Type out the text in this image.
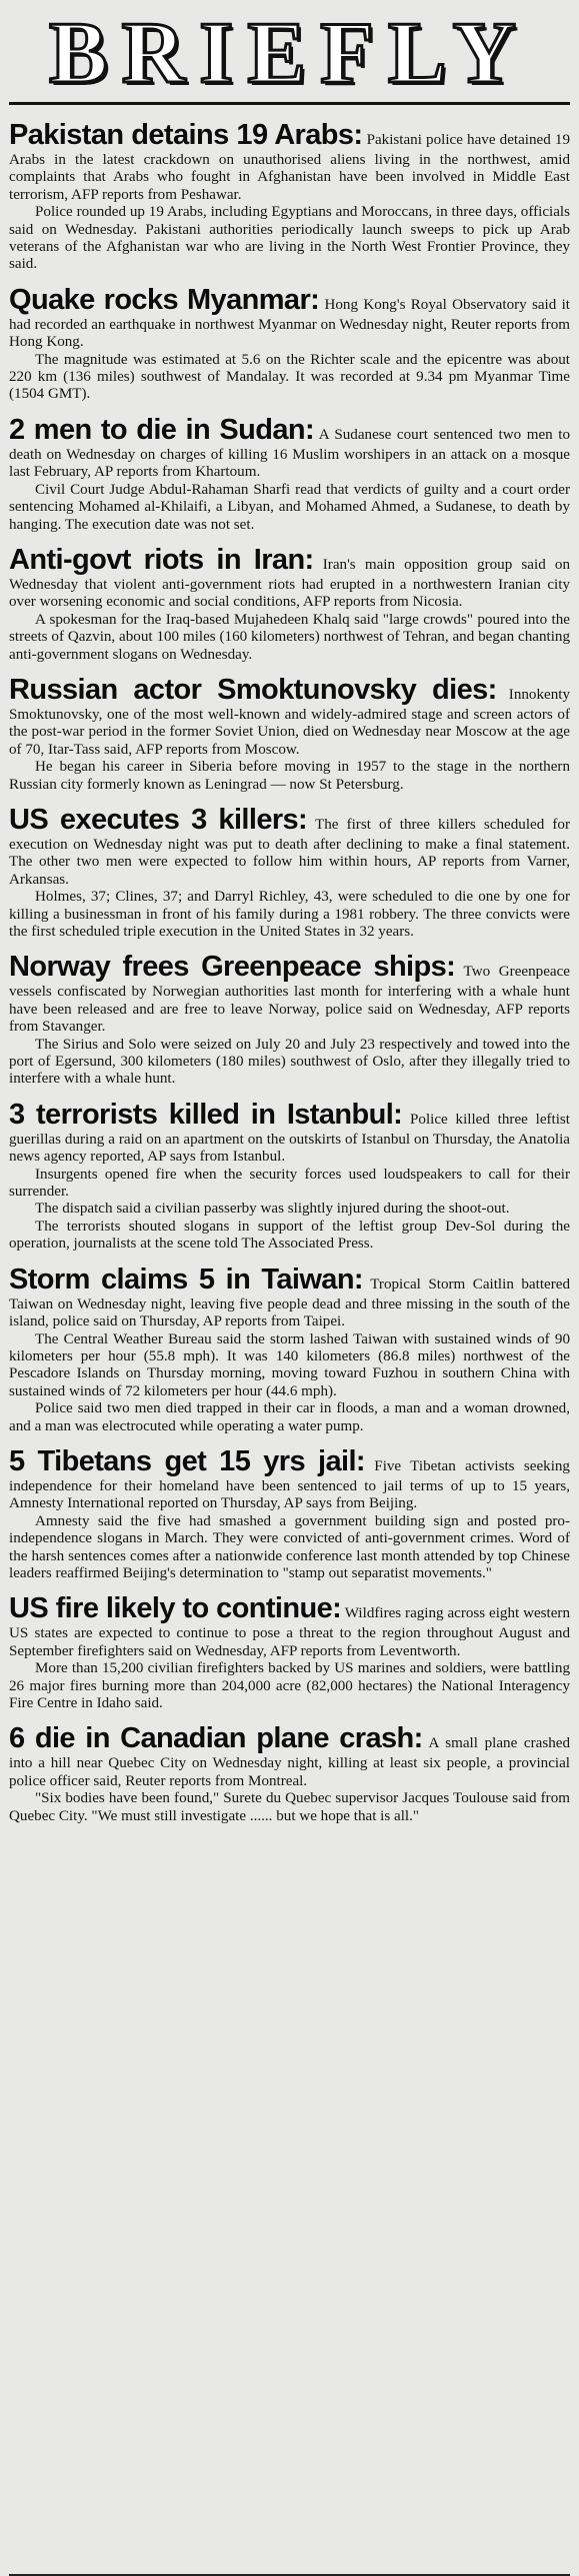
BRIEFLY

Pakistan detains 19 Arabs: Pakistani police have detained 19 Arabs in the latest crackdown on unauthorised aliens living in the northwest, amid complaints that Arabs who fought in Afghanistan have been involved in Middle East terrorism, AFP reports from Peshawar.

Police rounded up 19 Arabs, including Egyptians and Moroccans, in three days, officials said on Wednesday. Pakistani authorities periodically launch sweeps to pick up Arab veterans of the Afghanistan war who are living in the North West Frontier Province, they said.

Quake rocks Myanmar: Hong Kong's Royal Observatory said it had recorded an earthquake in northwest Myanmar on Wednesday night, Reuter reports from Hong Kong.

The magnitude was estimated at 5.6 on the Richter scale and the epicentre was about 220 km (136 miles) southwest of Mandalay. It was recorded at 9.34 pm Myanmar Time (1504 GMT).

2 men to die in Sudan: A Sudanese court sentenced two men to death on Wednesday on charges of killing 16 Muslim worshipers in an attack on a mosque last February, AP reports from Khartoum.

Civil Court Judge Abdul-Rahaman Sharfi read that verdicts of guilty and a court order sentencing Mohamed al-Khilaifi, a Libyan, and Mohamed Ahmed, a Sudanese, to death by hanging. The execution date was not set.

Anti-govt riots in Iran: Iran's main opposition group said on Wednesday that violent anti-government riots had erupted in a northwestern Iranian city over worsening economic and social conditions, AFP reports from Nicosia.

A spokesman for the Iraq-based Mujahedeen Khalq said "large crowds" poured into the streets of Qazvin, about 100 miles (160 kilometers) northwest of Tehran, and began chanting anti-government slogans on Wednesday.

Russian actor Smoktunovsky dies: Innokenty Smoktunovsky, one of the most well-known and widely-admired stage and screen actors of the post-war period in the former Soviet Union, died on Wednesday near Moscow at the age of 70, Itar-Tass said, AFP reports from Moscow.

He began his career in Siberia before moving in 1957 to the stage in the northern Russian city formerly known as Leningrad — now St Petersburg.

US executes 3 killers: The first of three killers scheduled for execution on Wednesday night was put to death after declining to make a final statement. The other two men were expected to follow him within hours, AP reports from Varner, Arkansas.

Holmes, 37; Clines, 37; and Darryl Richley, 43, were scheduled to die one by one for killing a businessman in front of his family during a 1981 robbery. The three convicts were the first scheduled triple execution in the United States in 32 years.

Norway frees Greenpeace ships: Two Greenpeace vessels confiscated by Norwegian authorities last month for interfering with a whale hunt have been released and are free to leave Norway, police said on Wednesday, AFP reports from Stavanger.

The Sirius and Solo were seized on July 20 and July 23 respectively and towed into the port of Egersund, 300 kilometers (180 miles) southwest of Oslo, after they illegally tried to interfere with a whale hunt.

3 terrorists killed in Istanbul: Police killed three leftist guerillas during a raid on an apartment on the outskirts of Istanbul on Thursday, the Anatolia news agency reported, AP says from Istanbul.

Insurgents opened fire when the security forces used loudspeakers to call for their surrender.

The dispatch said a civilian passerby was slightly injured during the shoot-out.

The terrorists shouted slogans in support of the leftist group Dev-Sol during the operation, journalists at the scene told The Associated Press.

Storm claims 5 in Taiwan: Tropical Storm Caitlin battered Taiwan on Wednesday night, leaving five people dead and three missing in the south of the island, police said on Thursday, AP reports from Taipei.

The Central Weather Bureau said the storm lashed Taiwan with sustained winds of 90 kilometers per hour (55.8 mph). It was 140 kilometers (86.8 miles) northwest of the Pescadore Islands on Thursday morning, moving toward Fuzhou in southern China with sustained winds of 72 kilometers per hour (44.6 mph).

Police said two men died trapped in their car in floods, a man and a woman drowned, and a man was electrocuted while operating a water pump.

5 Tibetans get 15 yrs jail: Five Tibetan activists seeking independence for their homeland have been sentenced to jail terms of up to 15 years, Amnesty International reported on Thursday, AP says from Beijing.

Amnesty said the five had smashed a government building sign and posted pro-independence slogans in March. They were convicted of anti-government crimes. Word of the harsh sentences comes after a nationwide conference last month attended by top Chinese leaders reaffirmed Beijing's determination to "stamp out separatist movements."

US fire likely to continue: Wildfires raging across eight western US states are expected to continue to pose a threat to the region throughout August and September firefighters said on Wednesday, AFP reports from Leventworth.

More than 15,200 civilian firefighters backed by US marines and soldiers, were battling 26 major fires burning more than 204,000 acre (82,000 hectares) the National Interagency Fire Centre in Idaho said.

6 die in Canadian plane crash: A small plane crashed into a hill near Quebec City on Wednesday night, killing at least six people, a provincial police officer said, Reuter reports from Montreal.

"Six bodies have been found," Surete du Quebec supervisor Jacques Toulouse said from Quebec City. "We must still investigate ...... but we hope that is all."
